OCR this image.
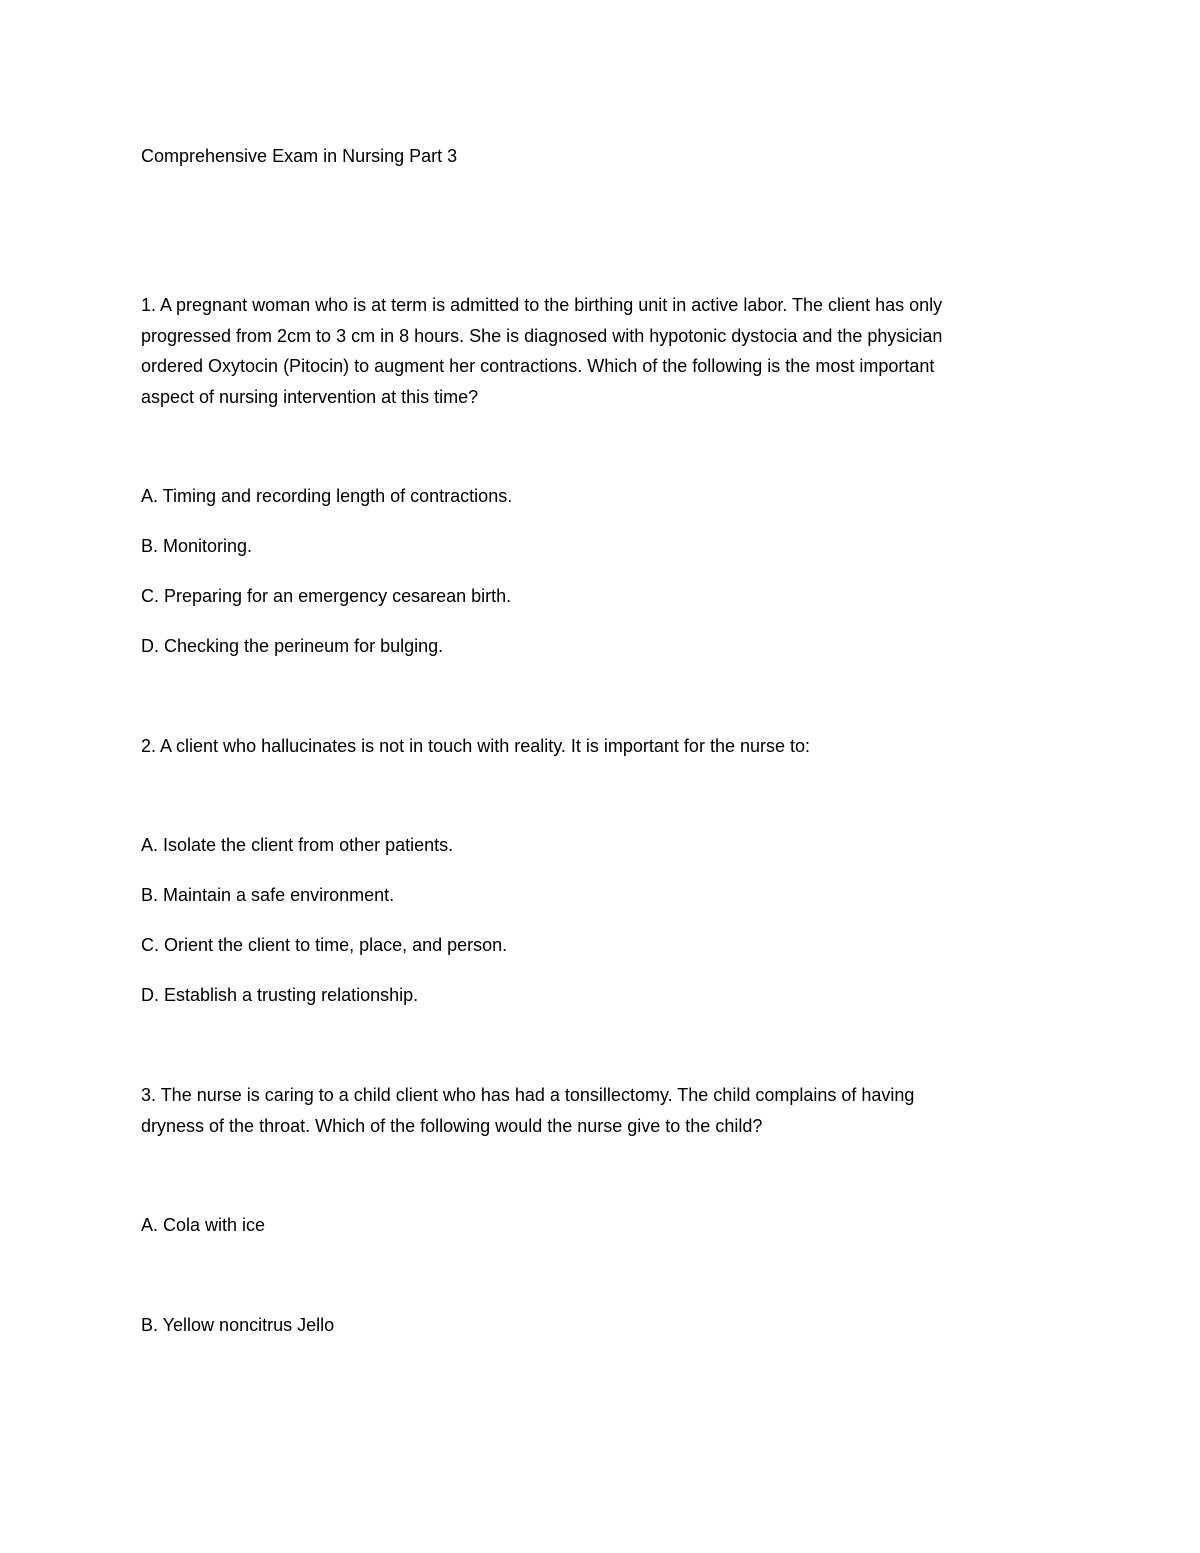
Comprehensive Exam in Nursing Part 3

1. A pregnant woman who is at term is admitted to the birthing unit in active labor. The client has only
progressed from 2cm to 3 cm in 8 hours. She is diagnosed with hypotonic dystocia and the physician
ordered Oxytocin (Pitocin) to augment her contractions. Which of the following is the most important
aspect of nursing intervention at this time?

A. Timing and recording length of contractions.

B. Monitoring.

C. Preparing for an emergency cesarean birth.

D. Checking the perineum for bulging.

2. A client who hallucinates is not in touch with reality. It is important for the nurse to:

A. Isolate the client from other patients.

B. Maintain a safe environment.

C. Orient the client to time, place, and person.

D. Establish a trusting relationship.

3. The nurse is caring to a child client who has had a tonsillectomy. The child complains of having
dryness of the throat. Which of the following would the nurse give to the child?

A. Cola with ice

B. Yellow noncitrus Jello
